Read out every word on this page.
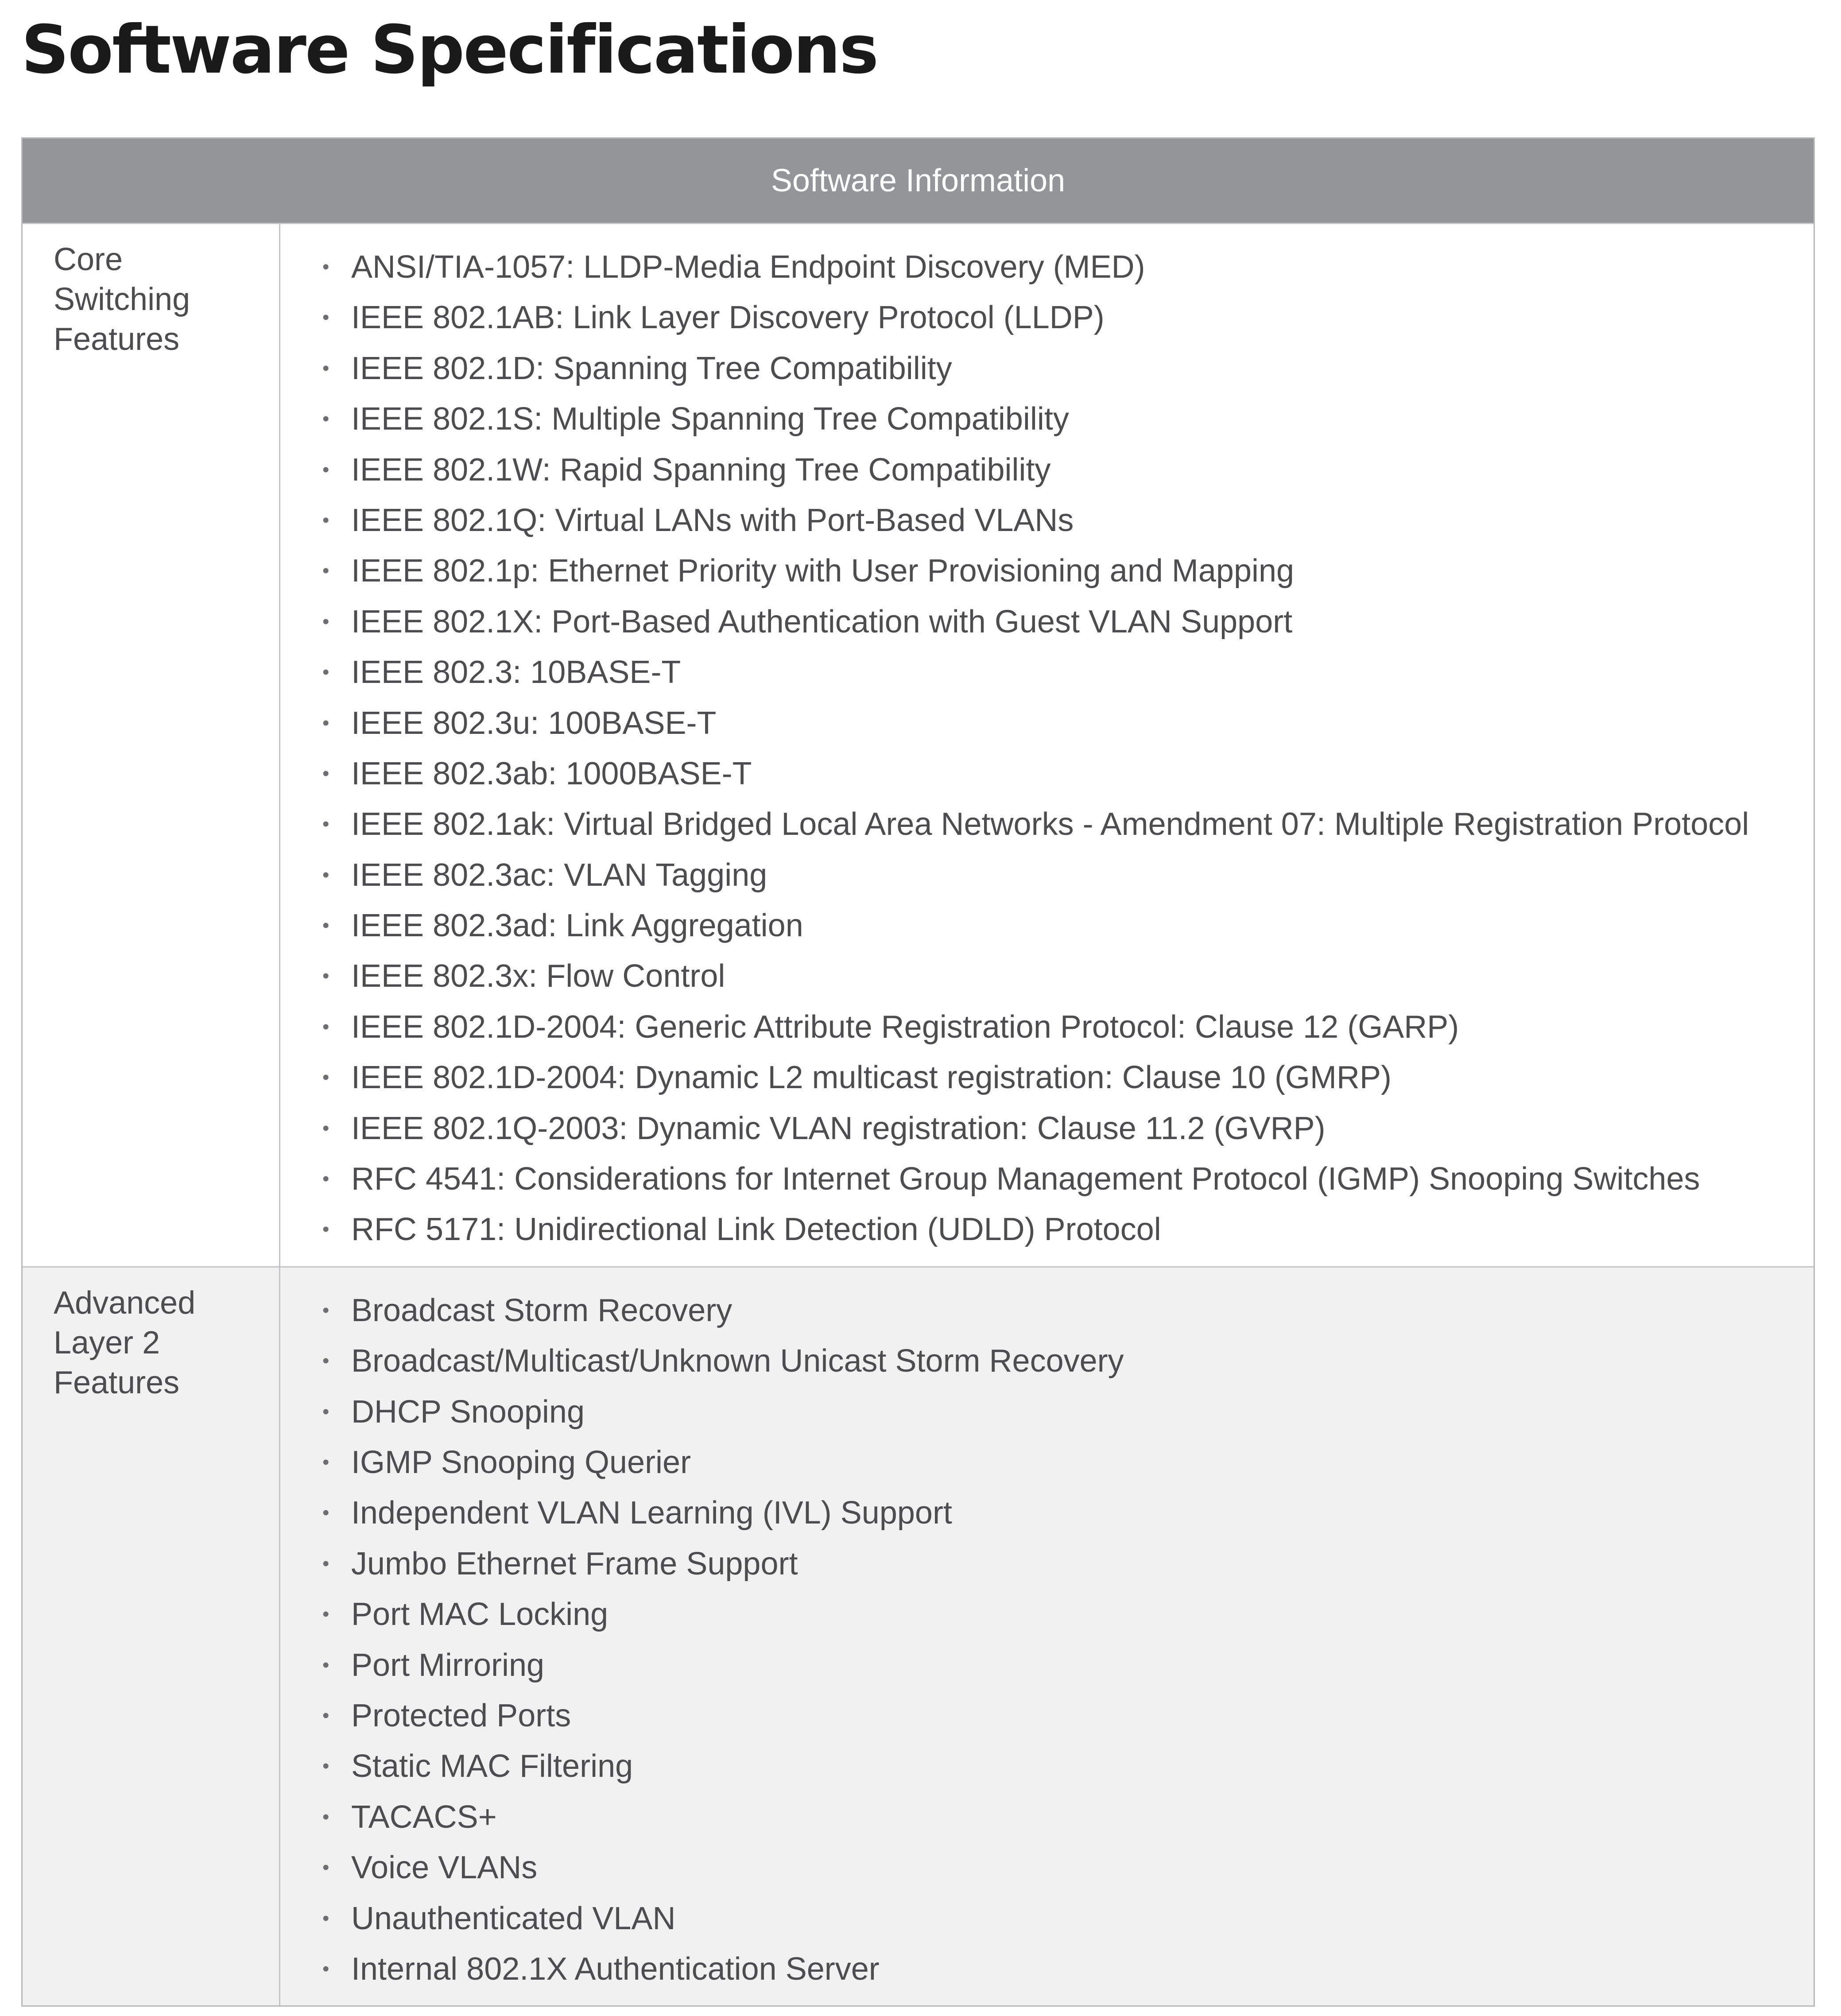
Software Specifications
Software Information
Core
Switching
Features
• ANSI/TIA-1057: LLDP-Media Endpoint Discovery (MED)
• IEEE 802.1AB: Link Layer Discovery Protocol (LLDP)
• IEEE 802.1D: Spanning Tree Compatibility
• IEEE 802.1S: Multiple Spanning Tree Compatibility
• IEEE 802.1W: Rapid Spanning Tree Compatibility
• IEEE 802.1Q: Virtual LANs with Port-Based VLANs
• IEEE 802.1p: Ethernet Priority with User Provisioning and Mapping
• IEEE 802.1X: Port-Based Authentication with Guest VLAN Support
• IEEE 802.3: 10BASE-T
• IEEE 802.3u: 100BASE-T
• IEEE 802.3ab: 1000BASE-T
• IEEE 802.1ak: Virtual Bridged Local Area Networks - Amendment 07: Multiple Registration Protocol
• IEEE 802.3ac: VLAN Tagging
• IEEE 802.3ad: Link Aggregation
• IEEE 802.3x: Flow Control
• IEEE 802.1D-2004: Generic Attribute Registration Protocol: Clause 12 (GARP)
• IEEE 802.1D-2004: Dynamic L2 multicast registration: Clause 10 (GMRP)
• IEEE 802.1Q-2003: Dynamic VLAN registration: Clause 11.2 (GVRP)
• RFC 4541: Considerations for Internet Group Management Protocol (IGMP) Snooping Switches
• RFC 5171: Unidirectional Link Detection (UDLD) Protocol
Advanced
Layer 2
Features
• Broadcast Storm Recovery
• Broadcast/Multicast/Unknown Unicast Storm Recovery
• DHCP Snooping
• IGMP Snooping Querier
• Independent VLAN Learning (IVL) Support
• Jumbo Ethernet Frame Support
• Port MAC Locking
• Port Mirroring
• Protected Ports
• Static MAC Filtering
• TACACS+
• Voice VLANs
• Unauthenticated VLAN
• Internal 802.1X Authentication Server
